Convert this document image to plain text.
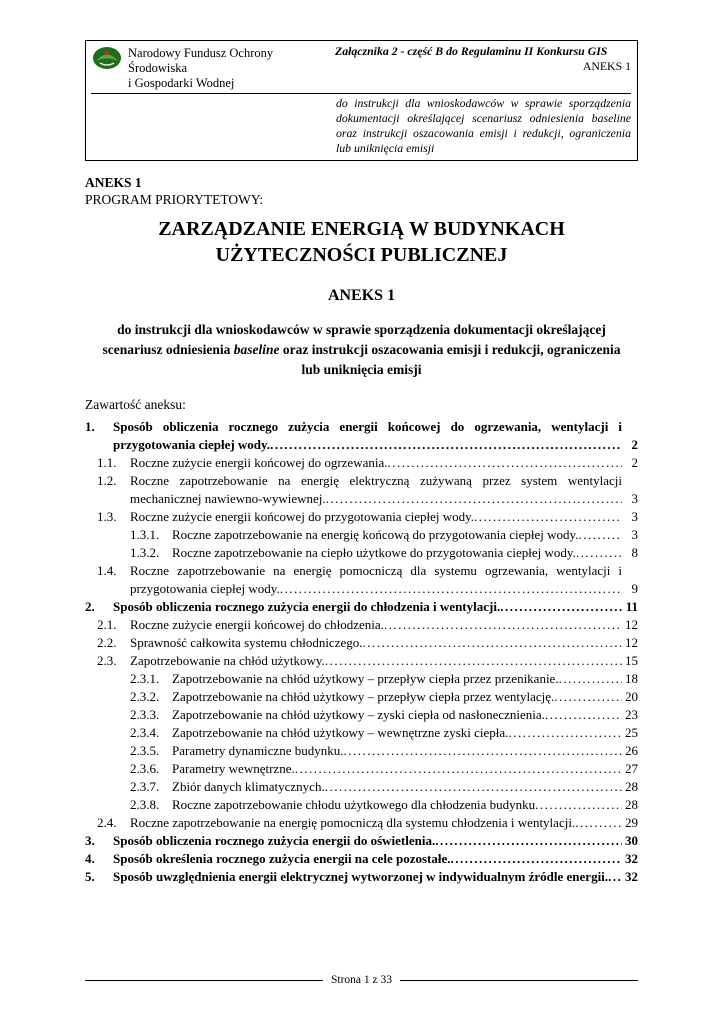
Narodowy Fundusz Ochrony Środowiska
i Gospodarki Wodnej
Załącznika 2 - część B do Regulaminu II Konkursu GIS
ANEKS 1
do instrukcji dla wnioskodawców w sprawie sporządzenia dokumentacji określającej scenariusz odniesienia baseline oraz instrukcji oszacowania emisji i redukcji, ograniczenia lub uniknięcia emisji
ANEKS 1
PROGRAM PRIORYTETOWY:
ZARZĄDZANIE ENERGIĄ W BUDYNKACH
UŻYTECZNOŚCI PUBLICZNEJ
ANEKS 1

do instrukcji dla wnioskodawców w sprawie sporządzenia dokumentacji określającej scenariusz odniesienia baseline oraz instrukcji oszacowania emisji i redukcji, ograniczenia lub uniknięcia emisji

Zawartość aneksu:
1.	Sposób obliczenia rocznego zużycia energii końcowej do ogrzewania, wentylacji i przygotowania ciepłej wody. .....	2
1.1.	Roczne zużycie energii końcowej do ogrzewania. .....	2
1.2.	Roczne zapotrzebowanie na energię elektryczną zużywaną przez system wentylacji mechanicznej nawiewno-wywiewnej. .....	3
1.3.	Roczne zużycie energii końcowej do przygotowania ciepłej wody. .....	3
1.3.1. Roczne zapotrzebowanie na energię końcową do przygotowania ciepłej wody. .....	3
1.3.2. Roczne zapotrzebowanie na ciepło użytkowe do przygotowania ciepłej wody. .....	8
1.4.	Roczne zapotrzebowanie na energię pomocniczą dla systemu ogrzewania, wentylacji i przygotowania ciepłej wody. .....	9
2.	Sposób obliczenia rocznego zużycia energii do chłodzenia i wentylacji. .....	11
2.1.	Roczne zużycie energii końcowej do chłodzenia. .....	12
2.2.	Sprawność całkowita systemu chłodniczego. .....	12
2.3.	Zapotrzebowanie na chłód użytkowy. .....	15
2.3.1. Zapotrzebowanie na chłód użytkowy – przepływ ciepła przez przenikanie. .....	18
2.3.2. Zapotrzebowanie na chłód użytkowy – przepływ ciepła przez wentylację. .....	20
2.3.3. Zapotrzebowanie na chłód użytkowy – zyski ciepła od nasłonecznienia. .....	23
2.3.4. Zapotrzebowanie na chłód użytkowy – wewnętrzne zyski ciepła. .....	25
2.3.5. Parametry dynamiczne budynku. .....	26
2.3.6. Parametry wewnętrzne. .....	27
2.3.7. Zbiór danych klimatycznych. .....	28
2.3.8. Roczne zapotrzebowanie chłodu użytkowego dla chłodzenia budynku .....	28
2.4.	Roczne zapotrzebowanie na energię pomocniczą dla systemu chłodzenia i wentylacji. .....	29
3.	Sposób obliczenia rocznego zużycia energii do oświetlenia. .....	30
4.	Sposób określenia rocznego zużycia energii na cele pozostałe. .....	32
5.	Sposób uwzględnienia energii elektrycznej wytworzonej w indywidualnym źródle energii. .....	32
Strona 1 z 33
